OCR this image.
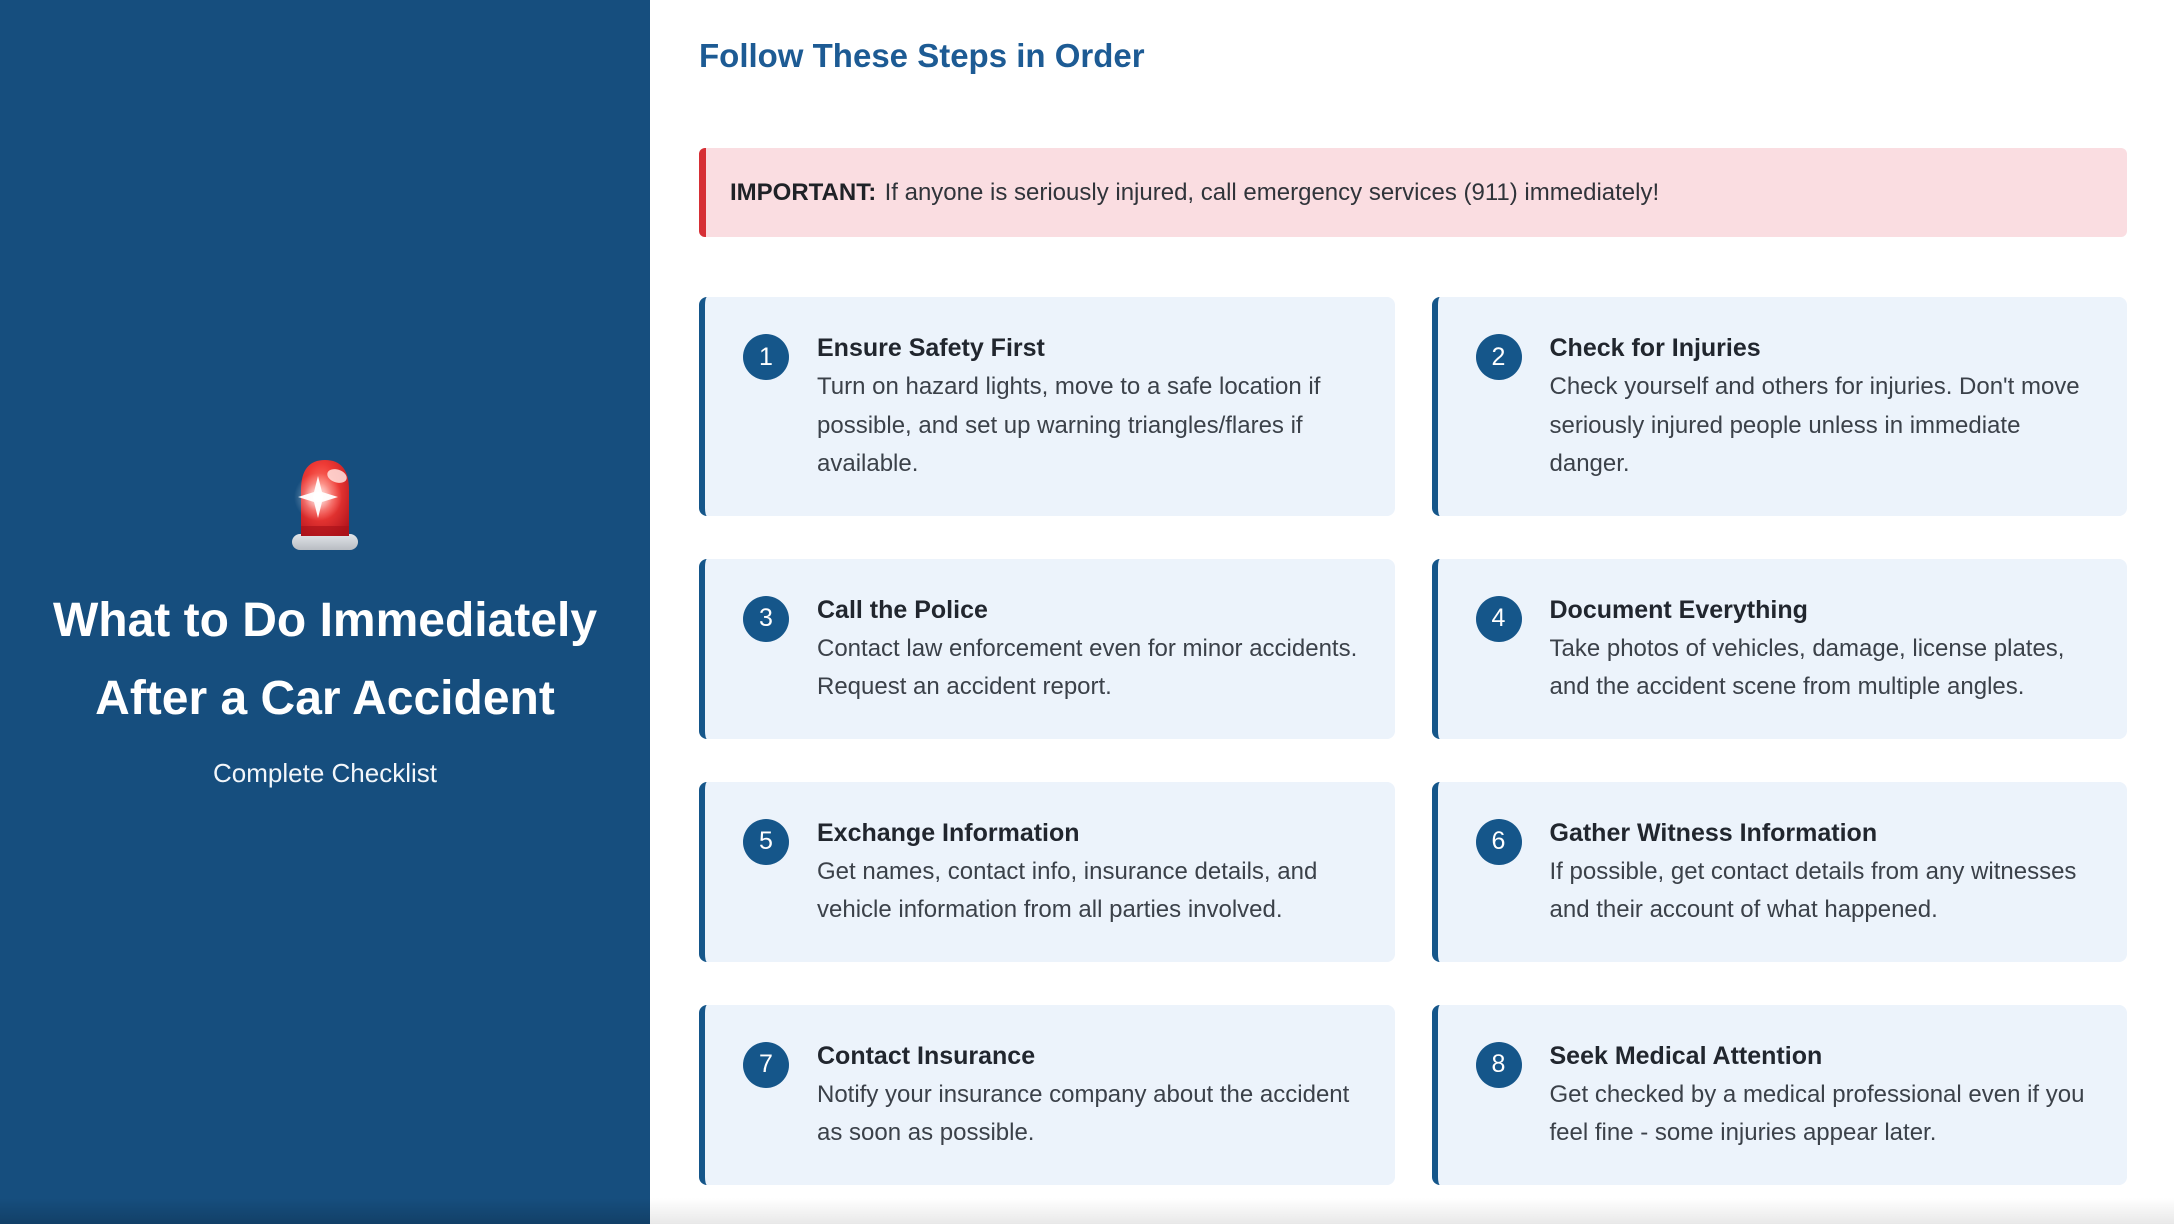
What to Do Immediately After a Car Accident

Complete Checklist

Follow These Steps in Order
IMPORTANT: If anyone is seriously injured, call emergency services (911) immediately!
1	Ensure Safety First

Turn on hazard lights, move to a safe location if possible, and set up warning triangles/flares if available.

2	Check for Injuries

Check yourself and others for injuries. Don't move seriously injured people unless in immediate danger.

3	Call the Police

Contact law enforcement even for minor accidents. Request an accident report.

4	Document Everything

Take photos of vehicles, damage, license plates, and the accident scene from multiple angles.

5	Exchange Information

Get names, contact info, insurance details, and vehicle information from all parties involved.

6	Gather Witness Information

If possible, get contact details from any witnesses and their account of what happened.

7	Contact Insurance

Notify your insurance company about the accident as soon as possible.

8	Seek Medical Attention

Get checked by a medical professional even if you feel fine - some injuries appear later.
